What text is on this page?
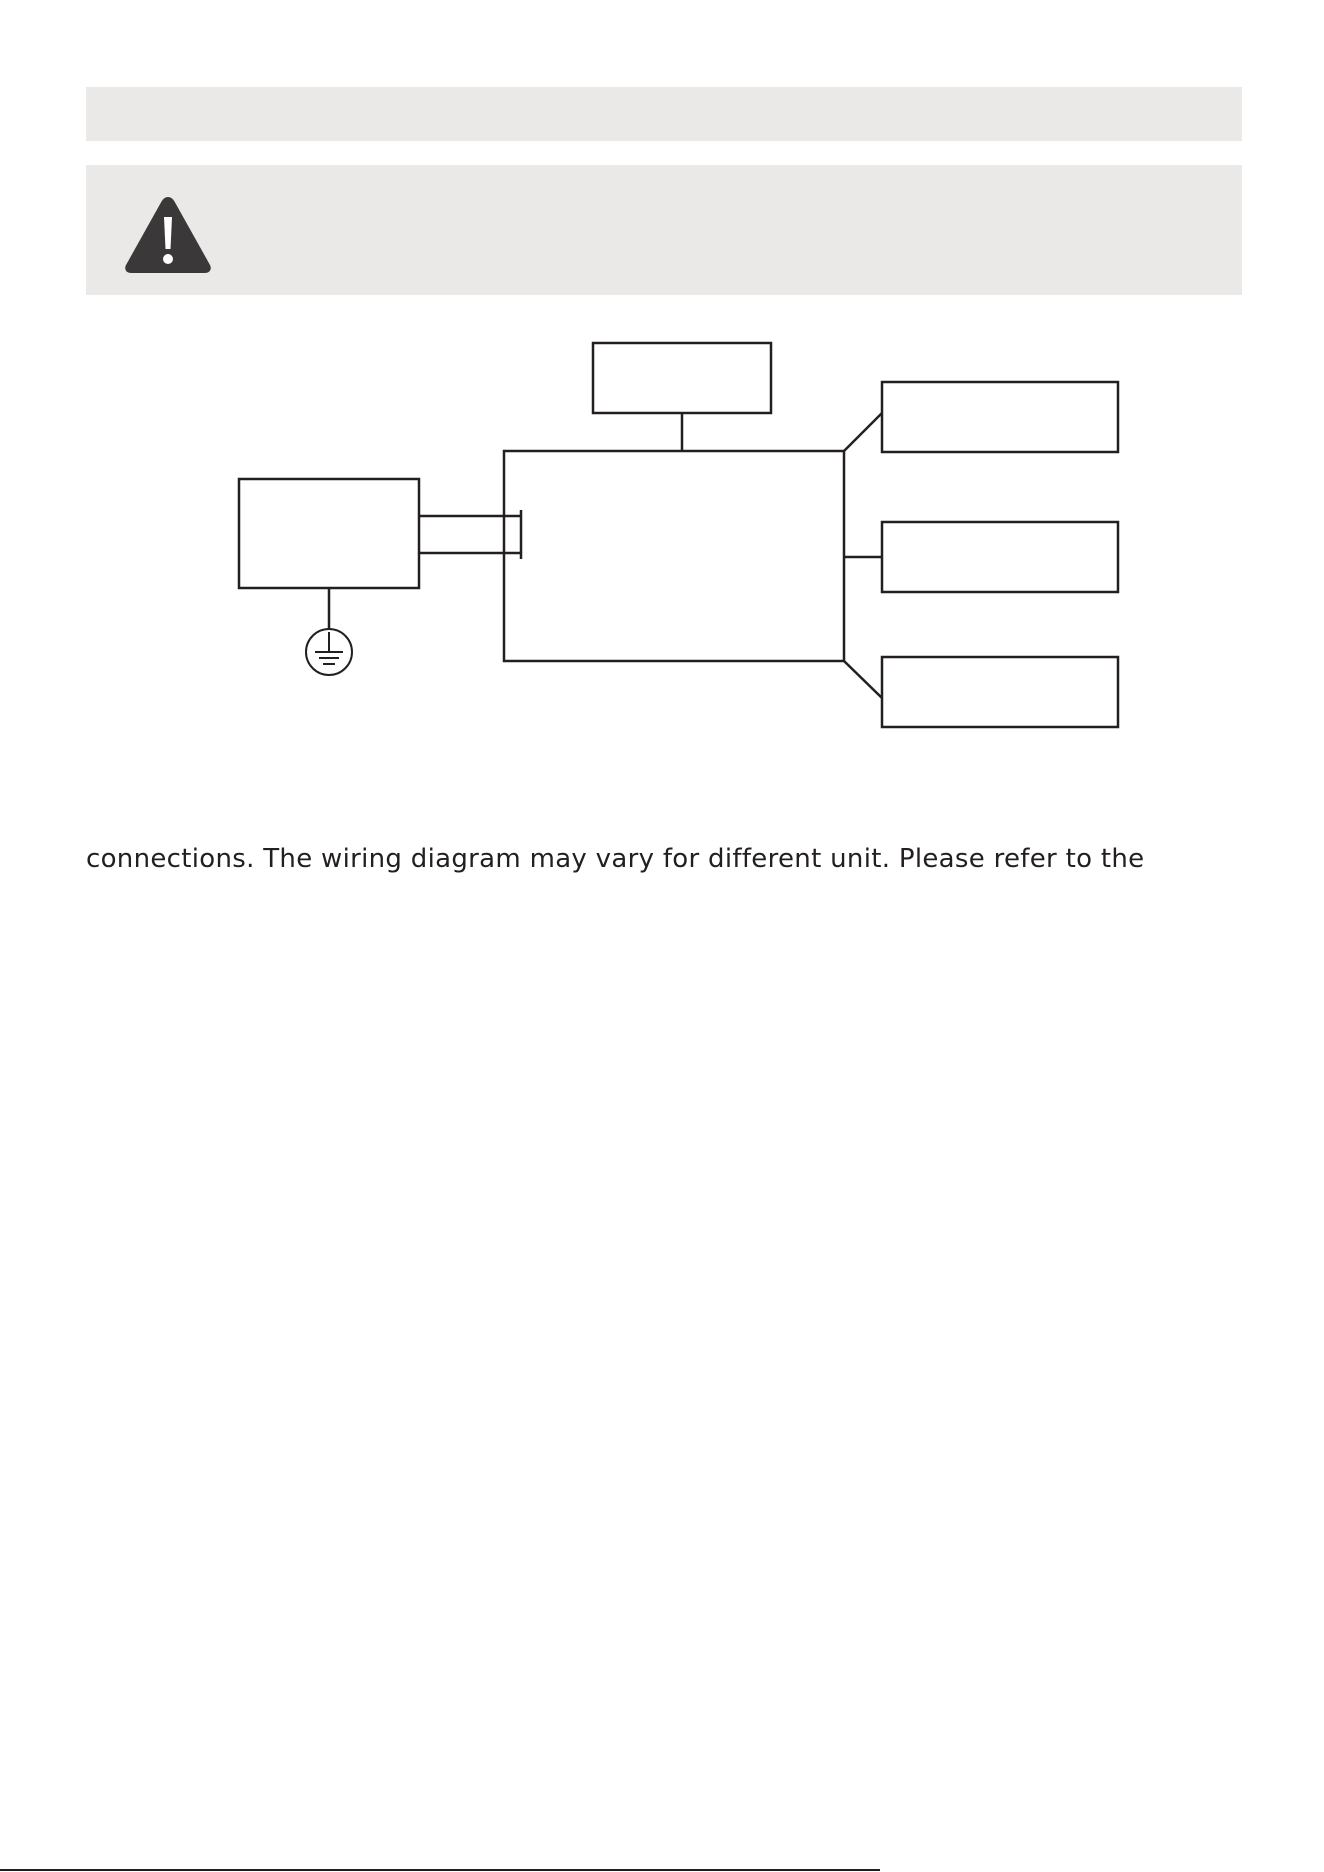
connections. The wiring diagram may vary for different unit. Please refer to the
